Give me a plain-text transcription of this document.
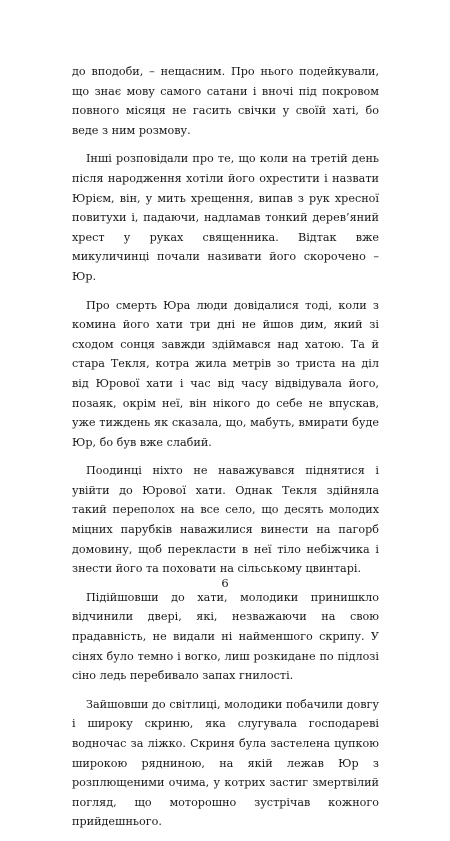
до вподоби, – нещасним. Про нього подейкували, що знає мову самого сатани і вночі під покровом повного місяця не гасить свічки у своїй хаті, бо веде з ним розмову.

Інші розповідали про те, що коли на третій день після народження хотіли його охрестити і назвати Юрієм, він, у мить хрещення, випав з рук хресної повитухи і, падаючи, надламав тонкий дерев’яний хрест у руках священника. Відтак вже микуличинці почали називати його скорочено – Юр.

Про смерть Юра люди довідалися тоді, коли з комина його хати три дні не йшов дим, який зі сходом сонця завжди здіймався над хатою. Та й стара Текля, котра жила метрів зо триста на діл від Юрової хати і час від часу відвідувала його, позаяк, окрім неї, він нікого до себе не впускав, уже тиждень як сказала, що, мабуть, вмирати буде Юр, бо був вже слабий.

Поодинці ніхто не наважувався піднятися і увійти до Юрової хати. Однак Текля здійняла такий переполох на все село, що десять молодих міцних парубків наважилися винести на пагорб домовину, щоб перекласти в неї тіло небіжчика і знести його та поховати на сільському цвинтарі.

Підійшовши до хати, молодики принишкло відчинили двері, які, незважаючи на свою прадавність, не видали ні найменшого скрипу. У сінях було темно і вогко, лиш розкидане по підлозі сіно ледь перебивало запах гнилості.

Зайшовши до світлиці, молодики побачили довгу і широку скриню, яка слугувала господареві водночас за ліжко. Скриня була застелена цупкою широкою рядниною, на якій лежав Юр з розплющеними очима, у котрих застиг змертвілий погляд, що моторошно зустрічав кожного прийдешнього.

6
